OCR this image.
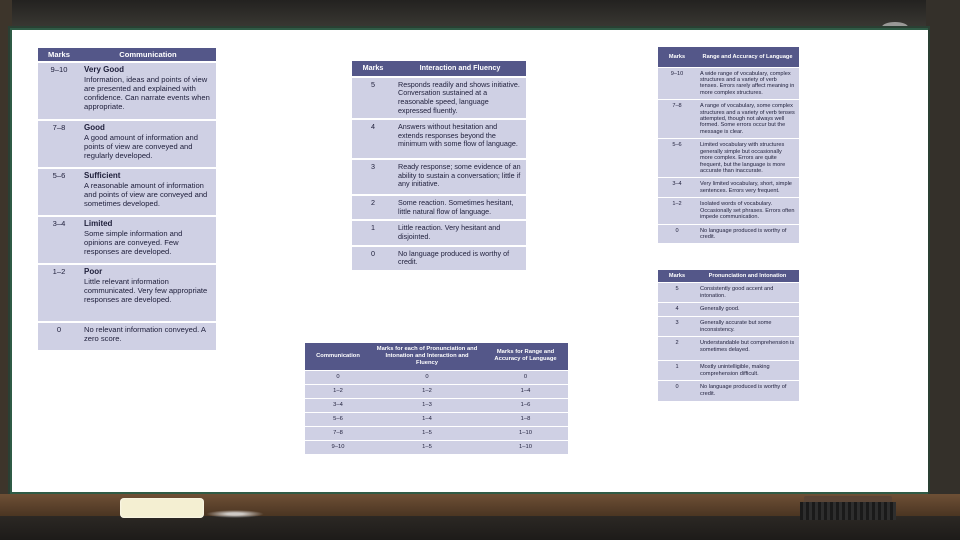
Marks	Communication
9–10	Very Good
Information, ideas and points of view are presented and explained with confidence. Can narrate events when appropriate.
7–8	Good
A good amount of information and points of view are conveyed and regularly developed.
5–6	Sufficient
A reasonable amount of information and points of view are conveyed and sometimes developed.
3–4	Limited
Some simple information and opinions are conveyed. Few responses are developed.
1–2	Poor
Little relevant information communicated. Very few appropriate responses are developed.
0	No relevant information conveyed. A zero score.
Marks	Interaction and Fluency
5	Responds readily and shows initiative. Conversation sustained at a reasonable speed, language expressed fluently.
4	Answers without hesitation and extends responses beyond the minimum with some flow of language.
3	Ready response; some evidence of an ability to sustain a conversation; little if any initiative.
2	Some reaction. Sometimes hesitant, little natural flow of language.
1	Little reaction. Very hesitant and disjointed.
0	No language produced is worthy of credit.
Communication	Marks for each of Pronunciation and Intonation and Interaction and Fluency	Marks for Range and Accuracy of Language
0	0	0
1–2	1–2	1–4
3–4	1–3	1–6
5–6	1–4	1–8
7–8	1–5	1–10
9–10	1–5	1–10
Marks	Range and Accuracy of Language
9–10	A wide range of vocabulary, complex structures and a variety of verb tenses. Errors rarely affect meaning in more complex structures.
7–8	A range of vocabulary, some complex structures and a variety of verb tenses attempted, though not always well formed. Some errors occur but the message is clear.
5–6	Limited vocabulary with structures generally simple but occasionally more complex. Errors are quite frequent, but the language is more accurate than inaccurate.
3–4	Very limited vocabulary, short, simple sentences. Errors very frequent.
1–2	Isolated words of vocabulary. Occasionally set phrases. Errors often impede communication.
0	No language produced is worthy of credit.
Marks	Pronunciation and Intonation
5	Consistently good accent and intonation.
4	Generally good.
3	Generally accurate but some inconsistency.
2	Understandable but comprehension is sometimes delayed.
1	Mostly unintelligible, making comprehension difficult.
0	No language produced is worthy of credit.
